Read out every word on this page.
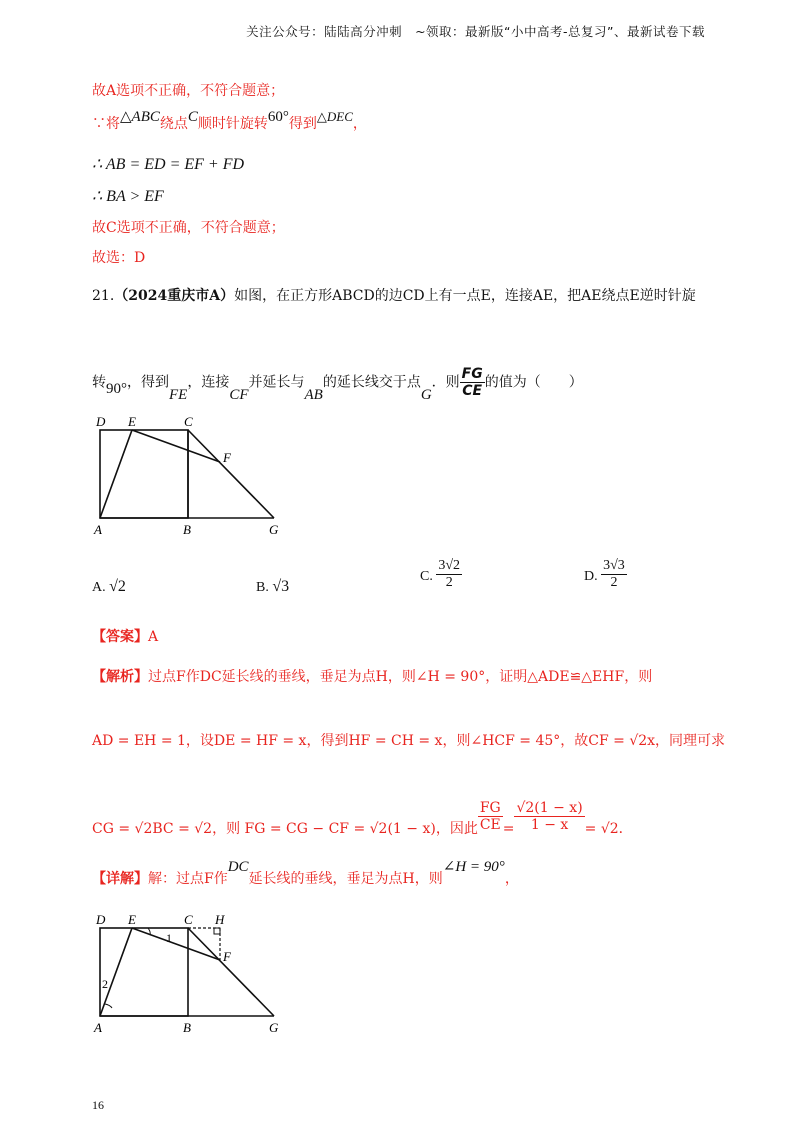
关注公众号：陆陆高分冲刺　~领取：最新版“小中高考-总复习”、最新试卷下载
故A选项不正确，不符合题意；
∵将△ABC绕点C顺时针旋转60°得到△DEC，
∴ AB = ED = EF + FD
∴ BA > EF
故C选项不正确，不符合题意；
故选：D
21.（2024重庆市A）如图，在正方形ABCD的边CD上有一点E，连接AE，把AE绕点E逆时针旋
转90°，得到FE，连接CF并延长与AB的延长线交于点G．则 $\frac{FG}{CE}$ 的值为（　　）
D E	C
F
A	B	G
A. √2	B. √3
C. $\frac{3√2}{2}$	D. $\frac{3√3}{2}$
【答案】A
【解析】过点F作DC延长线的垂线，垂足为点H，则∠H = 90°，证明△ADE≌△EHF，则
AD = EH = 1，设DE = HF = x，得到HF = CH = x，则∠HCF = 45°，故CF = √2x，同理可求
CG = √2BC = √2，则 FG = CG − CF = √2(1 − x)，因此 $\frac{FG}{CE} = \frac{√2(1 - x)}{1 - x} = √2$．
【详解】解：过点F作DC延长线的垂线，垂足为点H，则∠H = 90°，
D E	C H
F
A	B	G
1
2
16
